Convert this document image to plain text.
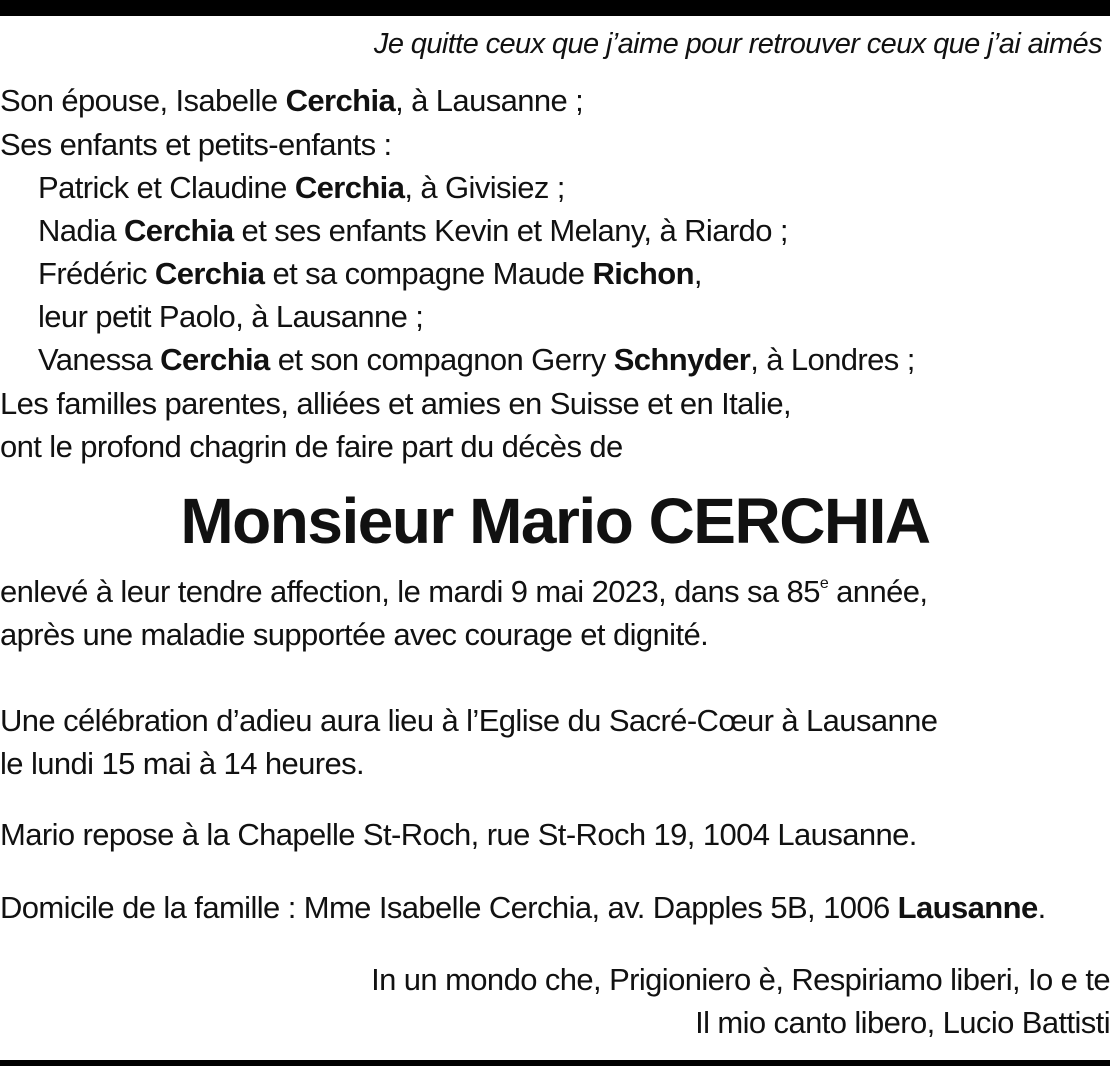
Je quitte ceux que j’aime pour retrouver ceux que j’ai aimés
Son épouse, Isabelle Cerchia, à Lausanne ;
Ses enfants et petits-enfants :
Patrick et Claudine Cerchia, à Givisiez ;
Nadia Cerchia et ses enfants Kevin et Melany, à Riardo ;
Frédéric Cerchia et sa compagne Maude Richon,
leur petit Paolo, à Lausanne ;
Vanessa Cerchia et son compagnon Gerry Schnyder, à Londres ;
Les familles parentes, alliées et amies en Suisse et en Italie,
ont le profond chagrin de faire part du décès de
Monsieur Mario CERCHIA
enlevé à leur tendre affection, le mardi 9 mai 2023, dans sa 85e année,
après une maladie supportée avec courage et dignité.
Une célébration d’adieu aura lieu à l’Eglise du Sacré-Cœur à Lausanne
le lundi 15 mai à 14 heures.
Mario repose à la Chapelle St-Roch, rue St-Roch 19, 1004 Lausanne.
Domicile de la famille : Mme Isabelle Cerchia, av. Dapples 5B, 1006 Lausanne.
In un mondo che, Prigioniero è, Respiriamo liberi, Io e te
Il mio canto libero, Lucio Battisti
